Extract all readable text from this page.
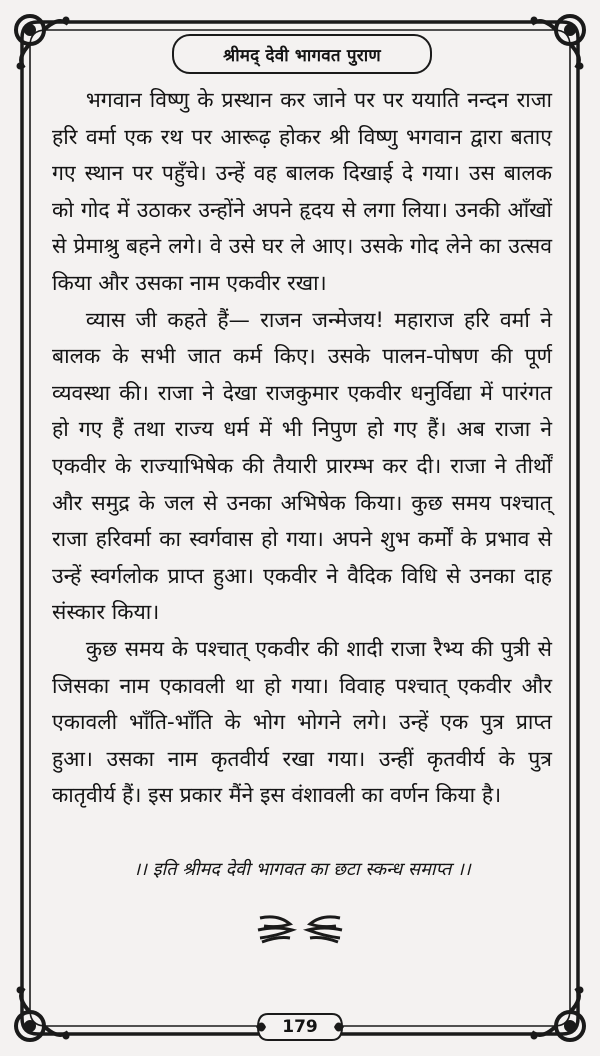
श्रीमद् देवी भागवत पुराण

भगवान विष्णु के प्रस्थान कर जाने पर पर ययाति नन्दन राजा हरि वर्मा एक रथ पर आरूढ़ होकर श्री विष्णु भगवान द्वारा बताए गए स्थान पर पहुँचे। उन्हें वह बालक दिखाई दे गया। उस बालक को गोद में उठाकर उन्होंने अपने हृदय से लगा लिया। उनकी आँखों से प्रेमाश्रु बहने लगे। वे उसे घर ले आए। उसके गोद लेने का उत्सव किया और उसका नाम एकवीर रखा।

व्यास जी कहते हैं— राजन जन्मेजय! महाराज हरि वर्मा ने बालक के सभी जात कर्म किए। उसके पालन-पोषण की पूर्ण व्यवस्था की। राजा ने देखा राजकुमार एकवीर धनुर्विद्या में पारंगत हो गए हैं तथा राज्य धर्म में भी निपुण हो गए हैं। अब राजा ने एकवीर के राज्याभिषेक की तैयारी प्रारम्भ कर दी। राजा ने तीर्थों और समुद्र के जल से उनका अभिषेक किया। कुछ समय पश्चात् राजा हरिवर्मा का स्वर्गवास हो गया। अपने शुभ कर्मों के प्रभाव से उन्हें स्वर्गलोक प्राप्त हुआ। एकवीर ने वैदिक विधि से उनका दाह संस्कार किया।

कुछ समय के पश्चात् एकवीर की शादी राजा रैभ्य की पुत्री से जिसका नाम एकावली था हो गया। विवाह पश्चात् एकवीर और एकावली भाँति-भाँति के भोग भोगने लगे। उन्हें एक पुत्र प्राप्त हुआ। उसका नाम कृतवीर्य रखा गया। उन्हीं कृतवीर्य के पुत्र कातृवीर्य हैं। इस प्रकार मैंने इस वंशावली का वर्णन किया है।

।। इति श्रीमद देवी भागवत का छटा स्कन्ध समाप्त ।।
179
